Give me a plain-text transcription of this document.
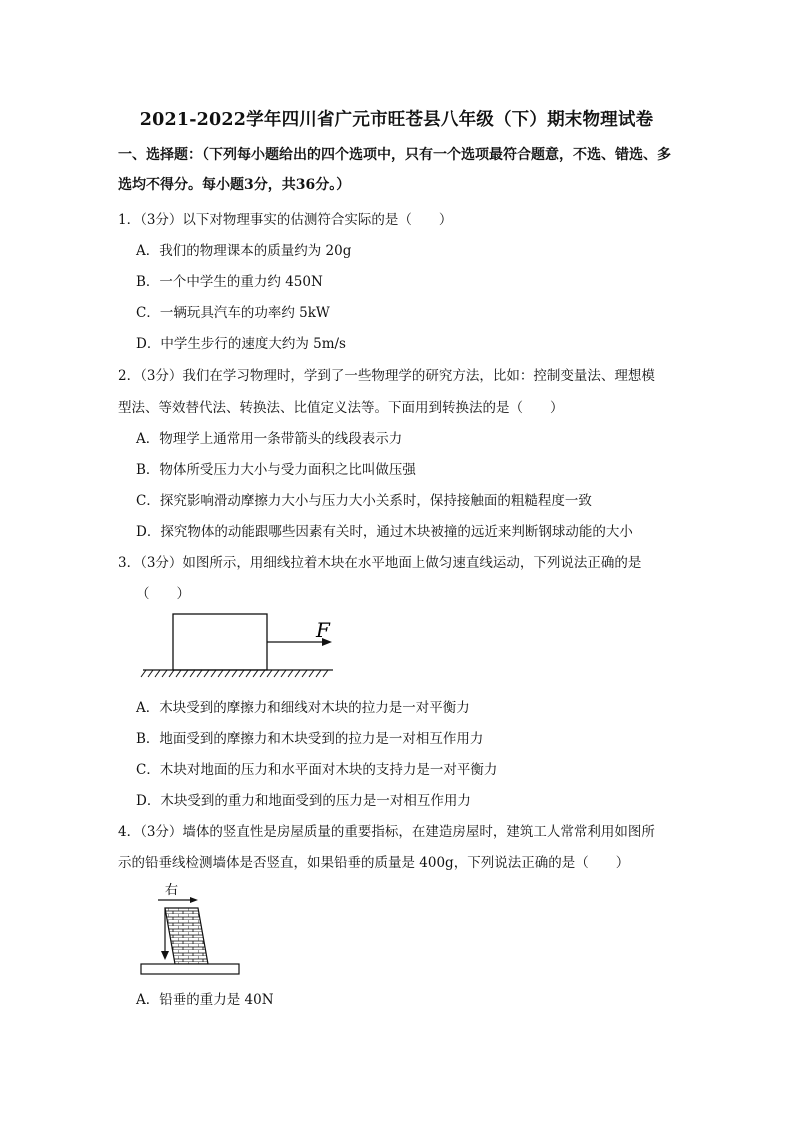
2021-2022学年四川省广元市旺苍县八年级（下）期末物理试卷
一、选择题：（下列每小题给出的四个选项中，只有一个选项最符合题意，不选、错选、多
选均不得分。每小题3分，共36分。）
1．（3分）以下对物理事实的估测符合实际的是（　　）
A．我们的物理课本的质量约为 20g
B．一个中学生的重力约 450N
C．一辆玩具汽车的功率约 5kW
D．中学生步行的速度大约为 5m/s
2．（3分）我们在学习物理时，学到了一些物理学的研究方法，比如：控制变量法、理想模
型法、等效替代法、转换法、比值定义法等。下面用到转换法的是（　　）
A．物理学上通常用一条带箭头的线段表示力
B．物体所受压力大小与受力面积之比叫做压强
C．探究影响滑动摩擦力大小与压力大小关系时，保持接触面的粗糙程度一致
D．探究物体的动能跟哪些因素有关时，通过木块被撞的远近来判断钢球动能的大小
3．（3分）如图所示，用细线拉着木块在水平地面上做匀速直线运动，下列说法正确的是
（　　）
F
A．木块受到的摩擦力和细线对木块的拉力是一对平衡力
B．地面受到的摩擦力和木块受到的拉力是一对相互作用力
C．木块对地面的压力和水平面对木块的支持力是一对平衡力
D．木块受到的重力和地面受到的压力是一对相互作用力
4．（3分）墙体的竖直性是房屋质量的重要指标，在建造房屋时，建筑工人常常利用如图所
示的铅垂线检测墙体是否竖直，如果铅垂的质量是 400g，下列说法正确的是（　　）
右
A．铅垂的重力是 40N
